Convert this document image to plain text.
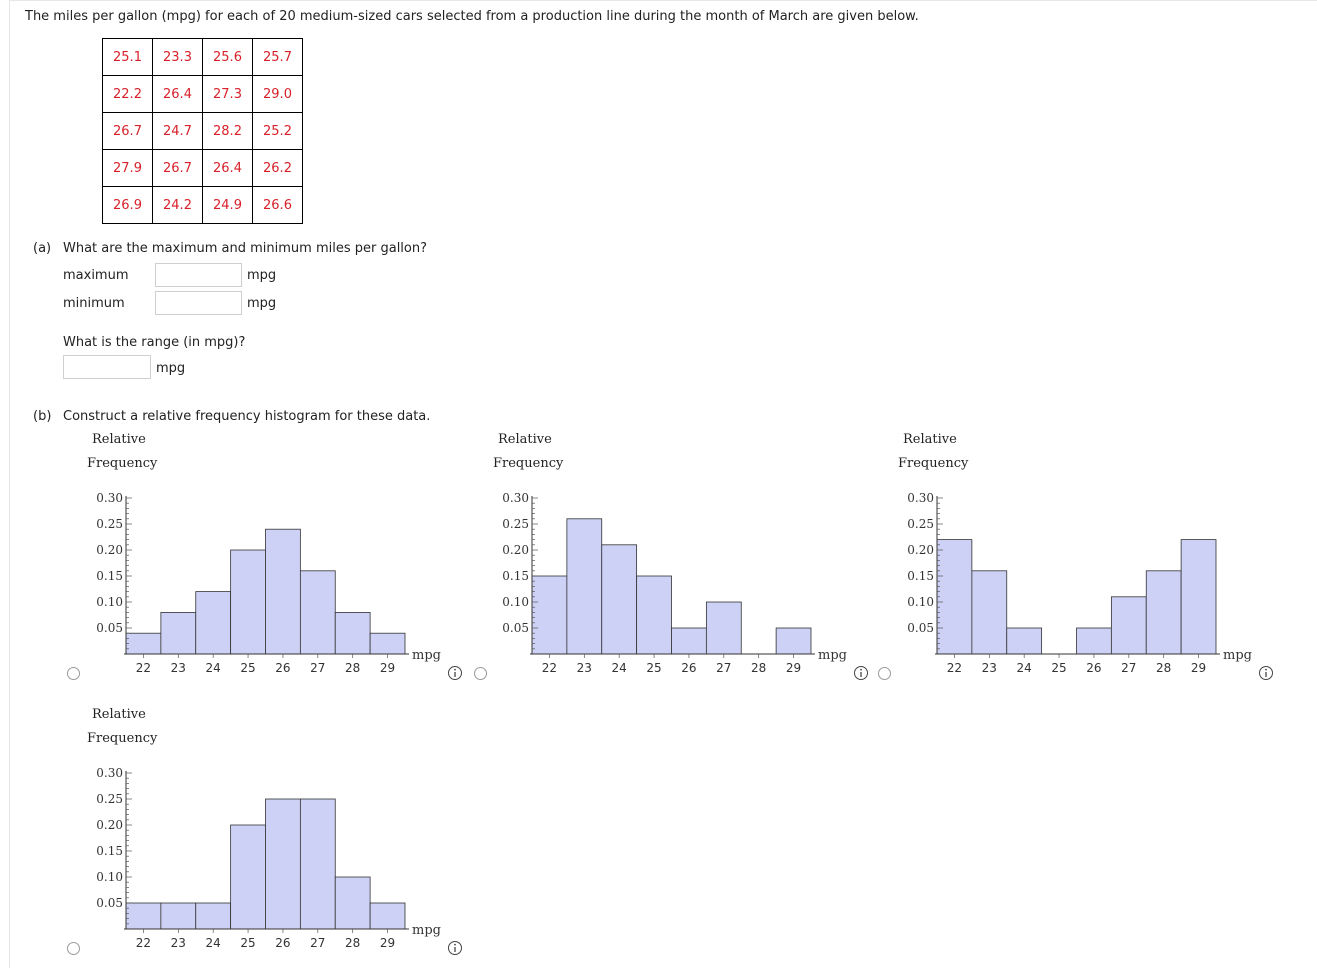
The miles per gallon (mpg) for each of 20 medium-sized cars selected from a production line during the month of March are given below.
25.1	23.3	25.6	25.7
22.2	26.4	27.3	29.0
26.7	24.7	28.2	25.2
27.9	26.7	26.4	26.2
26.9	24.2	24.9	26.6
(a) What are the maximum and minimum miles per gallon?
maximum	mpg
minimum	mpg
What is the range (in mpg)?
mpg
(b) Construct a relative frequency histogram for these data.
Relative
Frequency
0.05
0.10
0.15
0.20
0.25
0.30
22 23 24 25 26 27 28 29
mpg
Relative
Frequency
0.05
0.10
0.15
0.20
0.25
0.30
22 23 24 25 26 27 28 29
mpg
Relative
Frequency
0.05
0.10
0.15
0.20
0.25
0.30
22 23 24 25 26 27 28 29
mpg
Relative
Frequency
0.05
0.10
0.15
0.20
0.25
0.30
22 23 24 25 26 27 28 29
mpg
